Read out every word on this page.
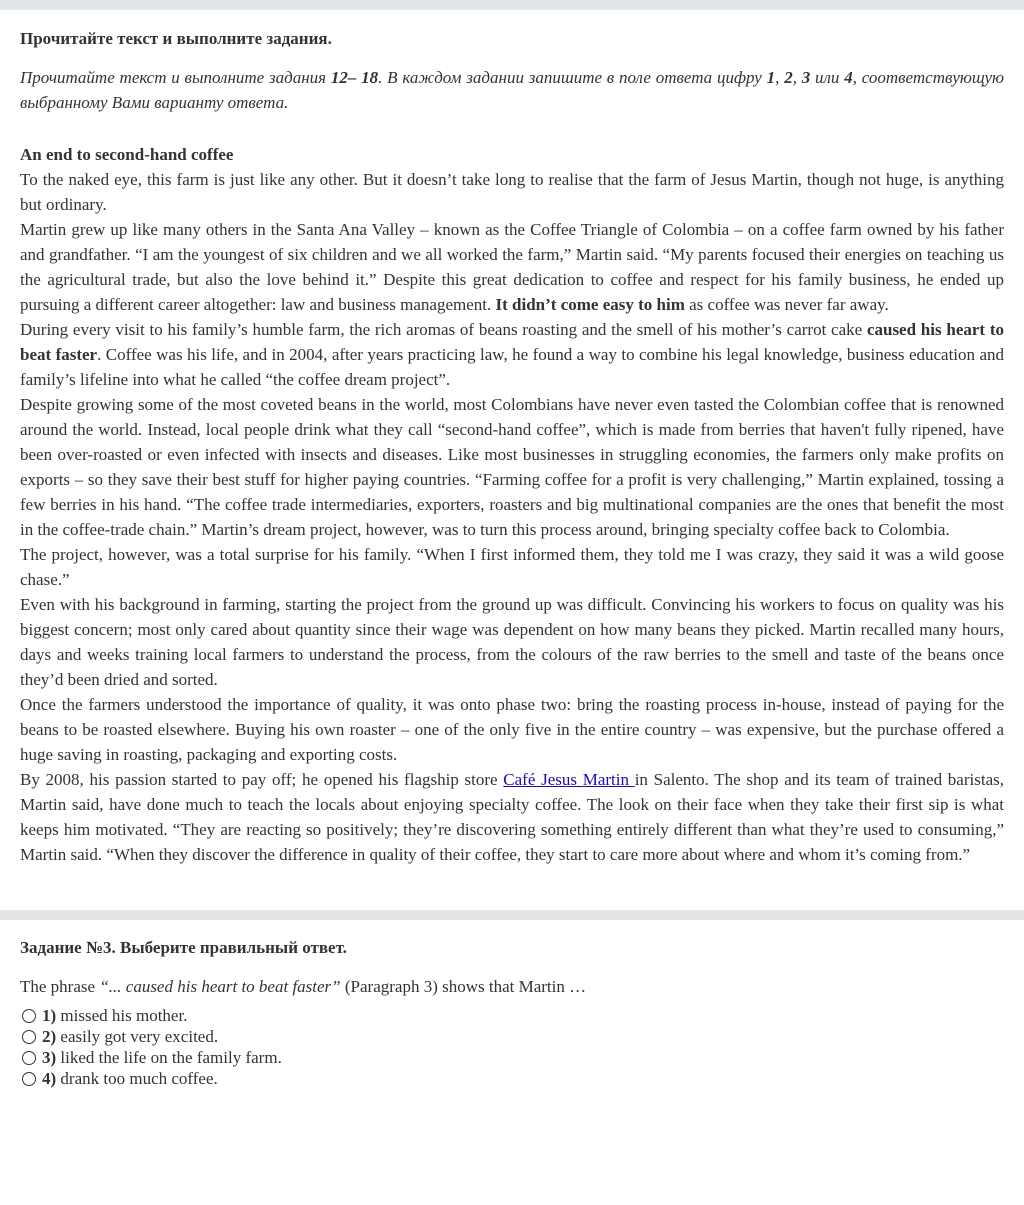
Прочитайте текст и выполните задания.

Прочитайте текст и выполните задания 12– 18. В каждом задании запишите в поле ответа цифру 1, 2, 3 или 4, соответствующую выбранному Вами варианту ответа.

An end to second-hand coffee

To the naked eye, this farm is just like any other. But it doesn’t take long to realise that the farm of Jesus Martin, though not huge, is anything but ordinary.

Martin grew up like many others in the Santa Ana Valley – known as the Coffee Triangle of Colombia – on a coffee farm owned by his father and grandfather. “I am the youngest of six children and we all worked the farm,” Martin said. “My parents focused their energies on teaching us the agricultural trade, but also the love behind it.” Despite this great dedication to coffee and respect for his family business, he ended up pursuing a different career altogether: law and business management. It didn’t come easy to him as coffee was never far away.

During every visit to his family’s humble farm, the rich aromas of beans roasting and the smell of his mother’s carrot cake caused his heart to beat faster. Coffee was his life, and in 2004, after years practicing law, he found a way to combine his legal knowledge, business education and family’s lifeline into what he called “the coffee dream project”.

Despite growing some of the most coveted beans in the world, most Colombians have never even tasted the Colombian coffee that is renowned around the world. Instead, local people drink what they call “second-hand coffee”, which is made from berries that haven't fully ripened, have been over-roasted or even infected with insects and diseases. Like most businesses in struggling economies, the farmers only make profits on exports – so they save their best stuff for higher paying countries. “Farming coffee for a profit is very challenging,” Martin explained, tossing a few berries in his hand. “The coffee trade intermediaries, exporters, roasters and big multinational companies are the ones that benefit the most in the coffee-trade chain.” Martin’s dream project, however, was to turn this process around, bringing specialty coffee back to Colombia.

The project, however, was a total surprise for his family. “When I first informed them, they told me I was crazy, they said it was a wild goose chase.”

Even with his background in farming, starting the project from the ground up was difficult. Convincing his workers to focus on quality was his biggest concern; most only cared about quantity since their wage was dependent on how many beans they picked. Martin recalled many hours, days and weeks training local farmers to understand the process, from the colours of the raw berries to the smell and taste of the beans once they’d been dried and sorted.

Once the farmers understood the importance of quality, it was onto phase two: bring the roasting process in-house, instead of paying for the beans to be roasted elsewhere. Buying his own roaster – one of the only five in the entire country – was expensive, but the purchase offered a huge saving in roasting, packaging and exporting costs.

By 2008, his passion started to pay off; he opened his flagship store Café Jesus Martin in Salento. The shop and its team of trained baristas, Martin said, have done much to teach the locals about enjoying specialty coffee. The look on their face when they take their first sip is what keeps him motivated. “They are reacting so positively; they’re discovering something entirely different than what they’re used to consuming,” Martin said. “When they discover the difference in quality of their coffee, they start to care more about where and whom it’s coming from.”

Задание №3. Выберите правильный ответ.

The phrase “... caused his heart to beat faster” (Paragraph 3) shows that Martin …

1) missed his mother.
2) easily got very excited.
3) liked the life on the family farm.
4) drank too much coffee.
